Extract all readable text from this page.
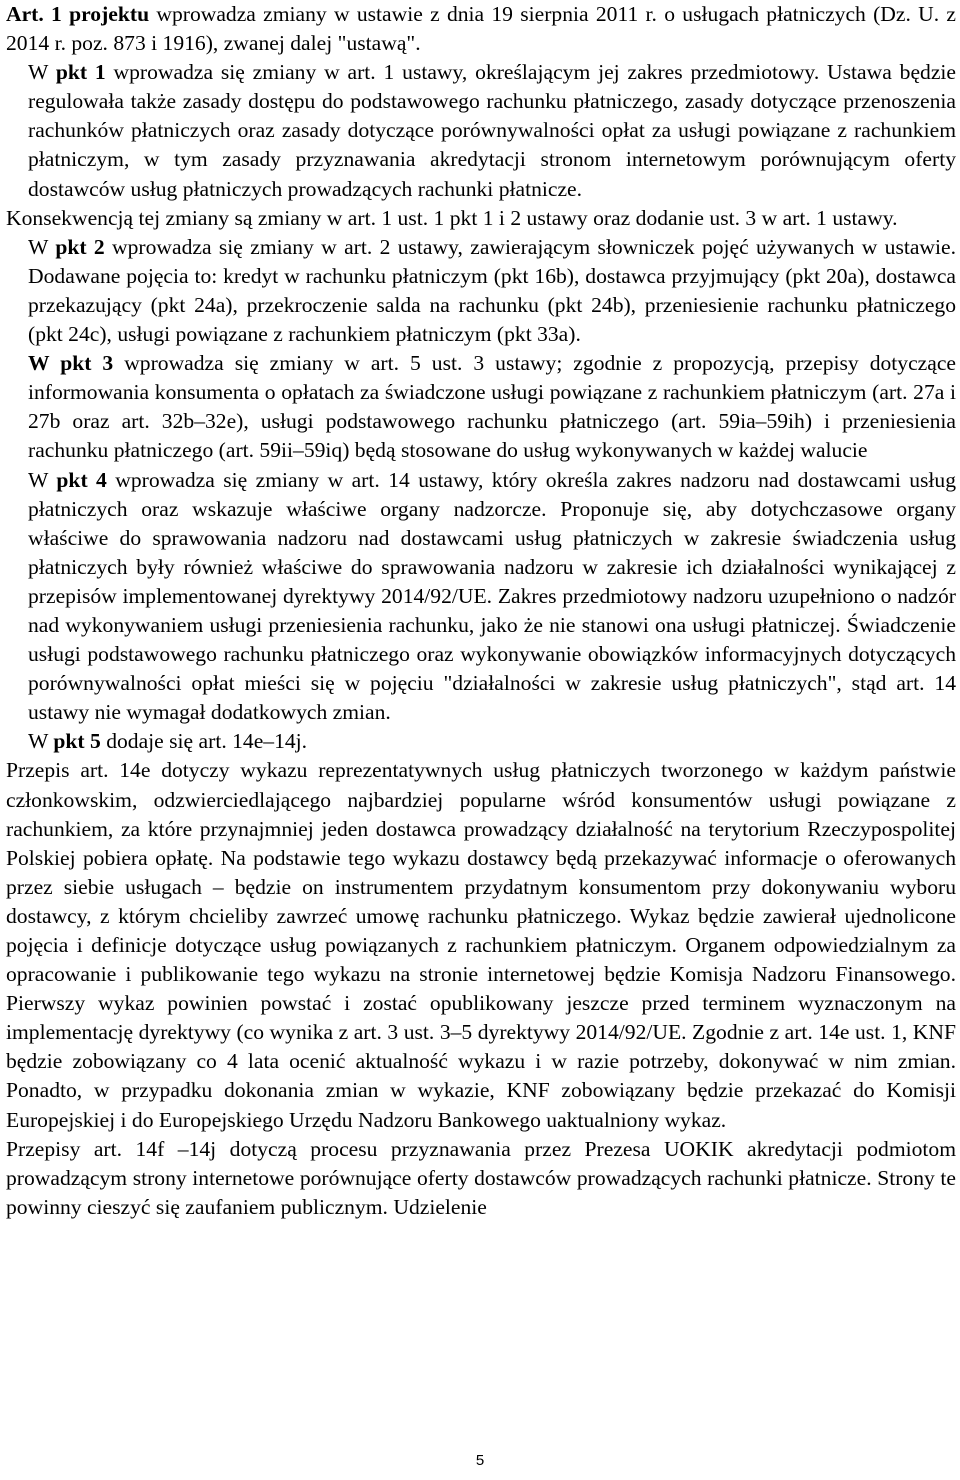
Art. 1 projektu wprowadza zmiany w ustawie z dnia 19 sierpnia 2011 r. o usługach płatniczych (Dz. U. z 2014 r. poz. 873 i 1916), zwanej dalej "ustawą".

W pkt 1 wprowadza się zmiany w art. 1 ustawy, określającym jej zakres przedmiotowy. Ustawa będzie regulowała także zasady dostępu do podstawowego rachunku płatniczego, zasady dotyczące przenoszenia rachunków płatniczych oraz zasady dotyczące porównywalności opłat za usługi powiązane z rachunkiem płatniczym, w tym zasady przyznawania akredytacji stronom internetowym porównującym oferty dostawców usług płatniczych prowadzących rachunki płatnicze.

Konsekwencją tej zmiany są zmiany w art. 1 ust. 1 pkt 1 i 2 ustawy oraz dodanie ust. 3 w art. 1 ustawy.

W pkt 2 wprowadza się zmiany w art. 2 ustawy, zawierającym słowniczek pojęć używanych w ustawie. Dodawane pojęcia to: kredyt w rachunku płatniczym (pkt 16b), dostawca przyjmujący (pkt 20a), dostawca przekazujący (pkt 24a), przekroczenie salda na rachunku (pkt 24b), przeniesienie rachunku płatniczego (pkt 24c), usługi powiązane z rachunkiem płatniczym (pkt 33a).

W pkt 3 wprowadza się zmiany w art. 5 ust. 3 ustawy; zgodnie z propozycją, przepisy dotyczące informowania konsumenta o opłatach za świadczone usługi powiązane z rachunkiem płatniczym (art. 27a i 27b oraz art. 32b–32e), usługi podstawowego rachunku płatniczego (art. 59ia–59ih) i przeniesienia rachunku płatniczego (art. 59ii–59iq) będą stosowane do usług wykonywanych w każdej walucie

W pkt 4 wprowadza się zmiany w art. 14 ustawy, który określa zakres nadzoru nad dostawcami usług płatniczych oraz wskazuje właściwe organy nadzorcze. Proponuje się, aby dotychczasowe organy właściwe do sprawowania nadzoru nad dostawcami usług płatniczych w zakresie świadczenia usług płatniczych były również właściwe do sprawowania nadzoru w zakresie ich działalności wynikającej z przepisów implementowanej dyrektywy 2014/92/UE. Zakres przedmiotowy nadzoru uzupełniono o nadzór nad wykonywaniem usługi przeniesienia rachunku, jako że nie stanowi ona usługi płatniczej. Świadczenie usługi podstawowego rachunku płatniczego oraz wykonywanie obowiązków informacyjnych dotyczących porównywalności opłat mieści się w pojęciu "działalności w zakresie usług płatniczych", stąd art. 14 ustawy nie wymagał dodatkowych zmian.

W pkt 5 dodaje się art. 14e–14j.

Przepis art. 14e dotyczy wykazu reprezentatywnych usług płatniczych tworzonego w każdym państwie członkowskim, odzwierciedlającego najbardziej popularne wśród konsumentów usługi powiązane z rachunkiem, za które przynajmniej jeden dostawca prowadzący działalność na terytorium Rzeczypospolitej Polskiej pobiera opłatę. Na podstawie tego wykazu dostawcy będą przekazywać informacje o oferowanych przez siebie usługach – będzie on instrumentem przydatnym konsumentom przy dokonywaniu wyboru dostawcy, z którym chcieliby zawrzeć umowę rachunku płatniczego. Wykaz będzie zawierał ujednolicone pojęcia i definicje dotyczące usług powiązanych z rachunkiem płatniczym. Organem odpowiedzialnym za opracowanie i publikowanie tego wykazu na stronie internetowej będzie Komisja Nadzoru Finansowego. Pierwszy wykaz powinien powstać i zostać opublikowany jeszcze przed terminem wyznaczonym na implementację dyrektywy (co wynika z art. 3 ust. 3–5 dyrektywy 2014/92/UE. Zgodnie z art. 14e ust. 1, KNF będzie zobowiązany co 4 lata ocenić aktualność wykazu i w razie potrzeby, dokonywać w nim zmian. Ponadto, w przypadku dokonania zmian w wykazie, KNF zobowiązany będzie przekazać do Komisji Europejskiej i do Europejskiego Urzędu Nadzoru Bankowego uaktualniony wykaz.

Przepisy art. 14f –14j dotyczą procesu przyznawania przez Prezesa UOKIK akredytacji podmiotom prowadzącym strony internetowe porównujące oferty dostawców prowadzących rachunki płatnicze. Strony te powinny cieszyć się zaufaniem publicznym. Udzielenie

5
